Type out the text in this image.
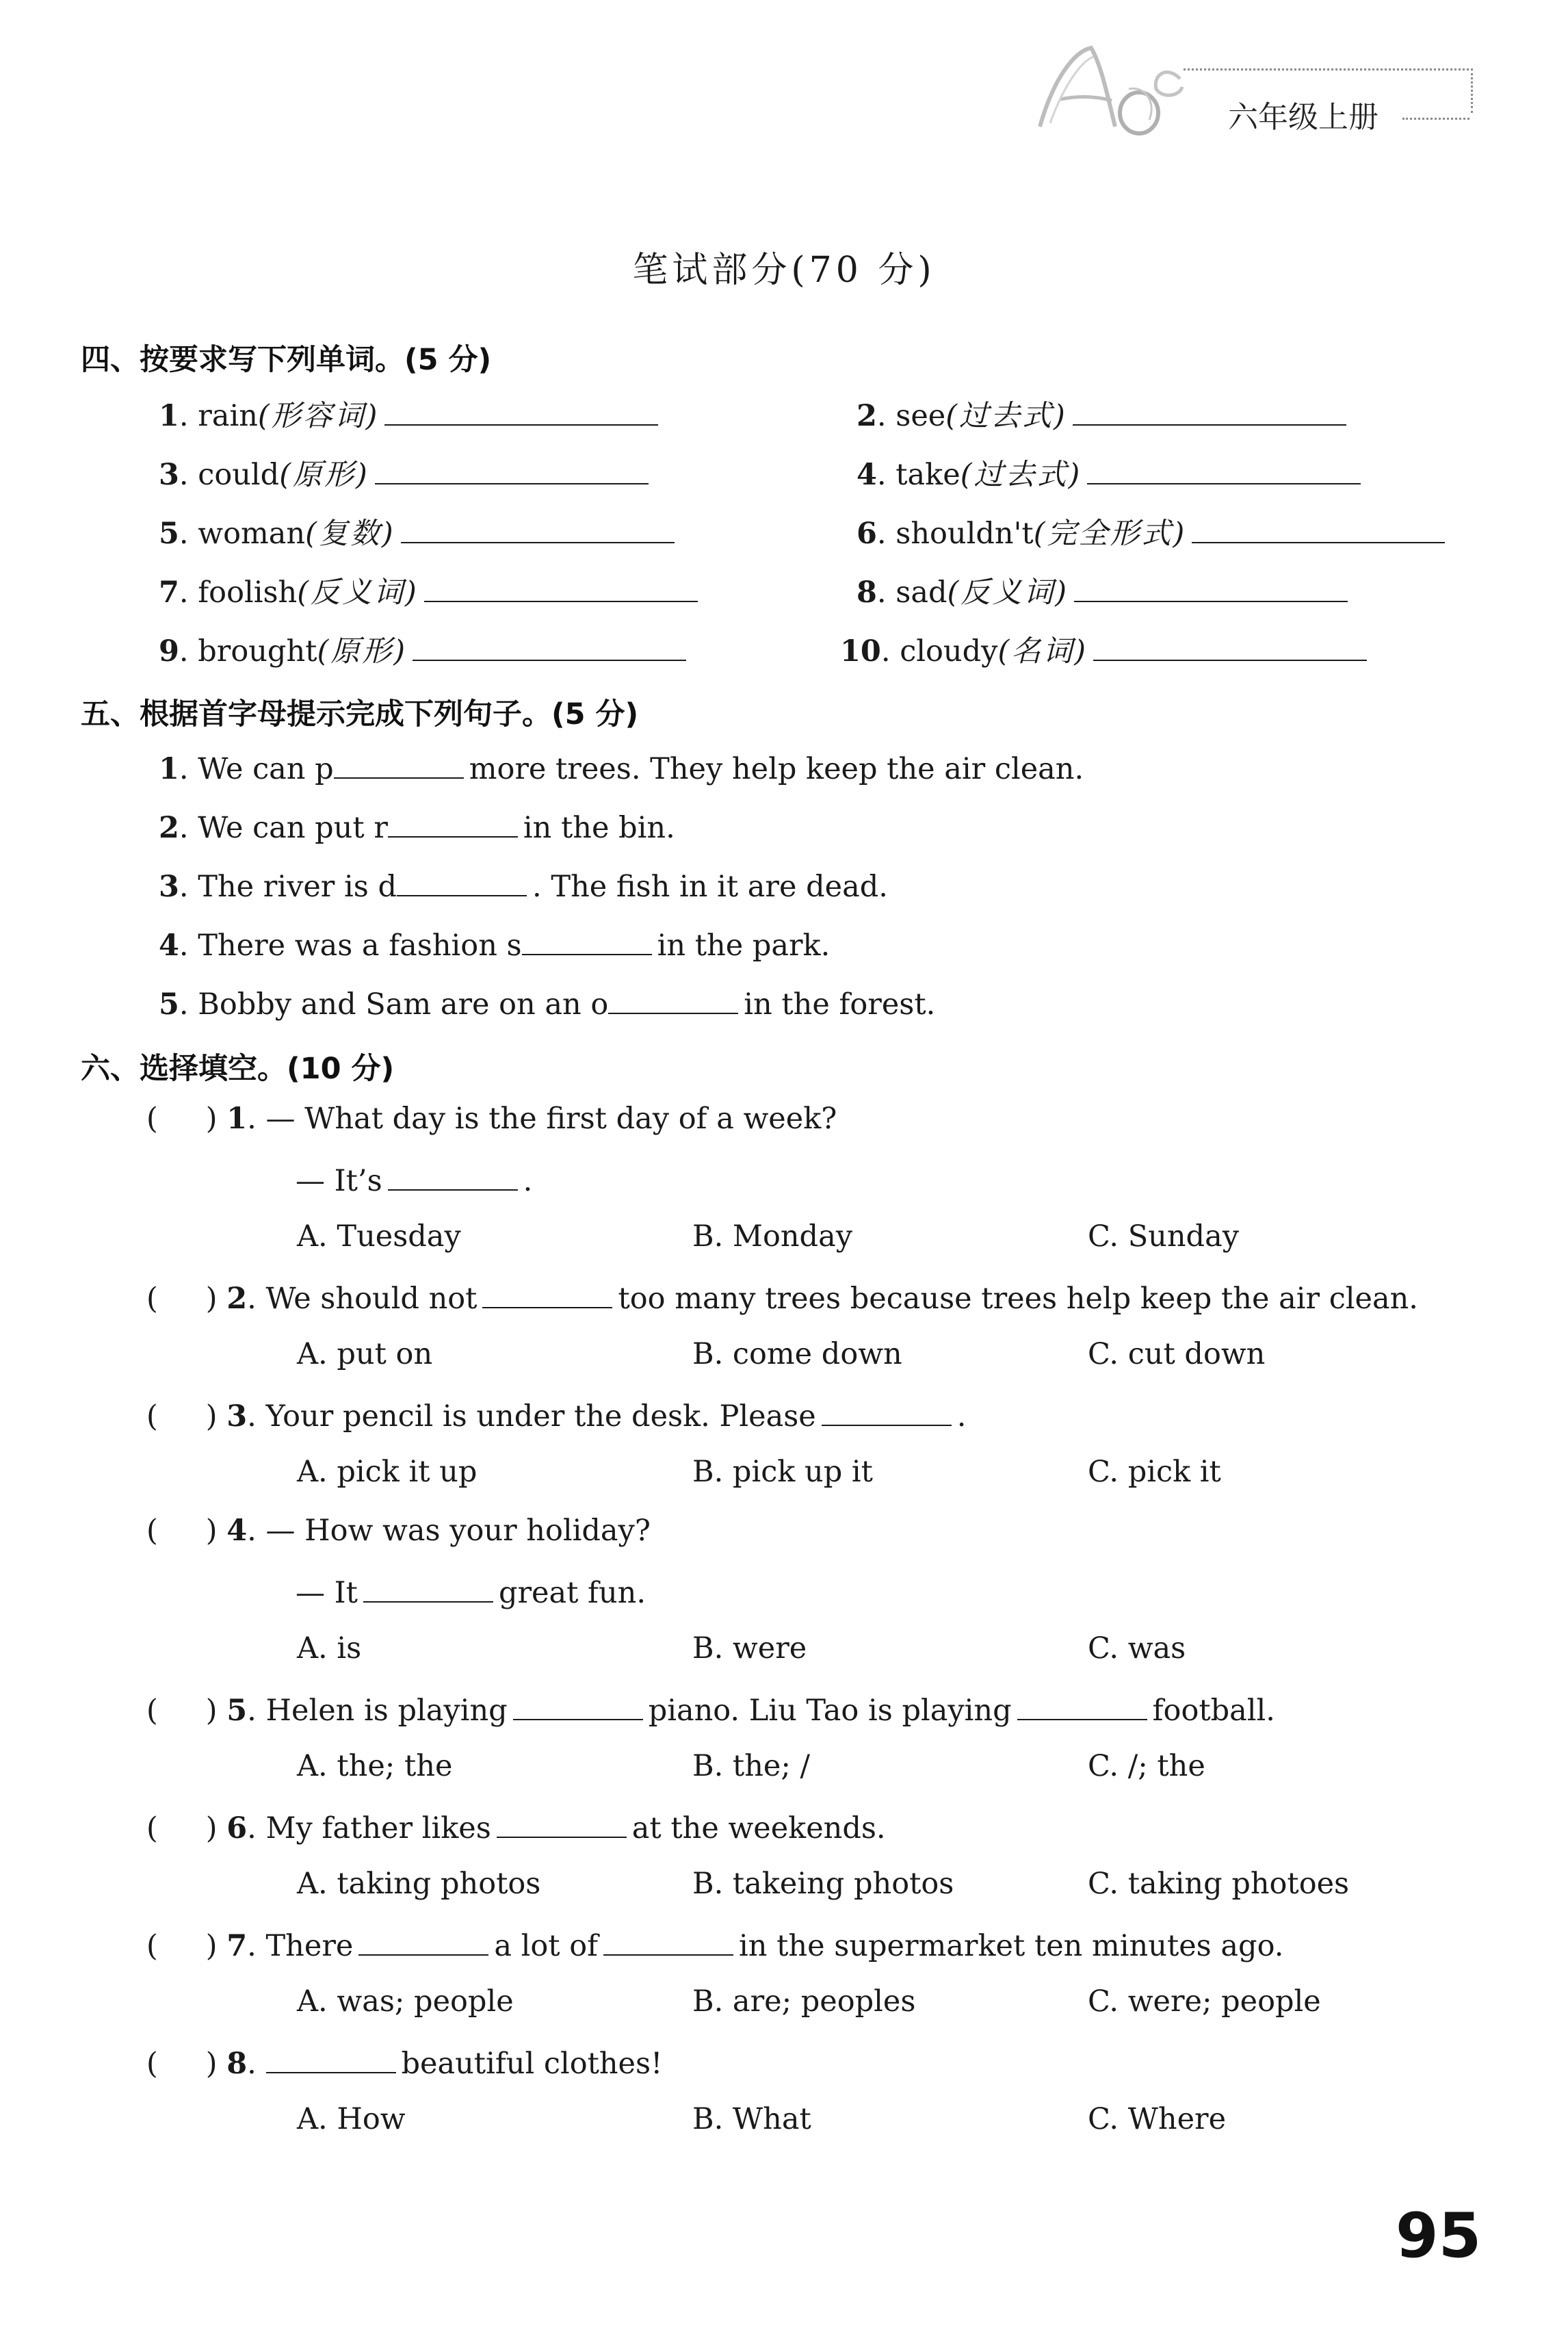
六年级上册
笔试部分(70 分)
四、按要求写下列单词。(5 分)
1. rain(形容词)	2. see(过去式)
3. could(原形)	4. take(过去式)
5. woman(复数)	6. shouldn't(完全形式)
7. foolish(反义词)	8. sad(反义词)
9. brought(原形)	10. cloudy(名词)
五、根据首字母提示完成下列句子。(5 分)
1. We can p	more trees. They help keep the air clean.
2. We can put r	in the bin.
3. The river is d	. The fish in it are dead.
4. There was a fashion s	in the park.
5. Bobby and Sam are on an o	in the forest.
六、选择填空。(10 分)
( ) 1. — What day is the first day of a week?
— It’s	.
A. Tuesday	B. Monday	C. Sunday
( ) 2. We should not	too many trees because trees help keep the air clean.
A. put on	B. come down	C. cut down
( ) 3. Your pencil is under the desk. Please	.
A. pick it up	B. pick up it	C. pick it
( ) 4. — How was your holiday?
— It	great fun.
A. is	B. were	C. was
( ) 5. Helen is playing	piano. Liu Tao is playing	football.
A. the; the	B. the; /	C. /; the
( ) 6. My father likes	at the weekends.
A. taking photos	B. takeing photos	C. taking photoes
( ) 7. There	a lot of	in the supermarket ten minutes ago.
A. was; people	B. are; peoples	C. were; people
( ) 8.	beautiful clothes!
A. How	B. What	C. Where
95
